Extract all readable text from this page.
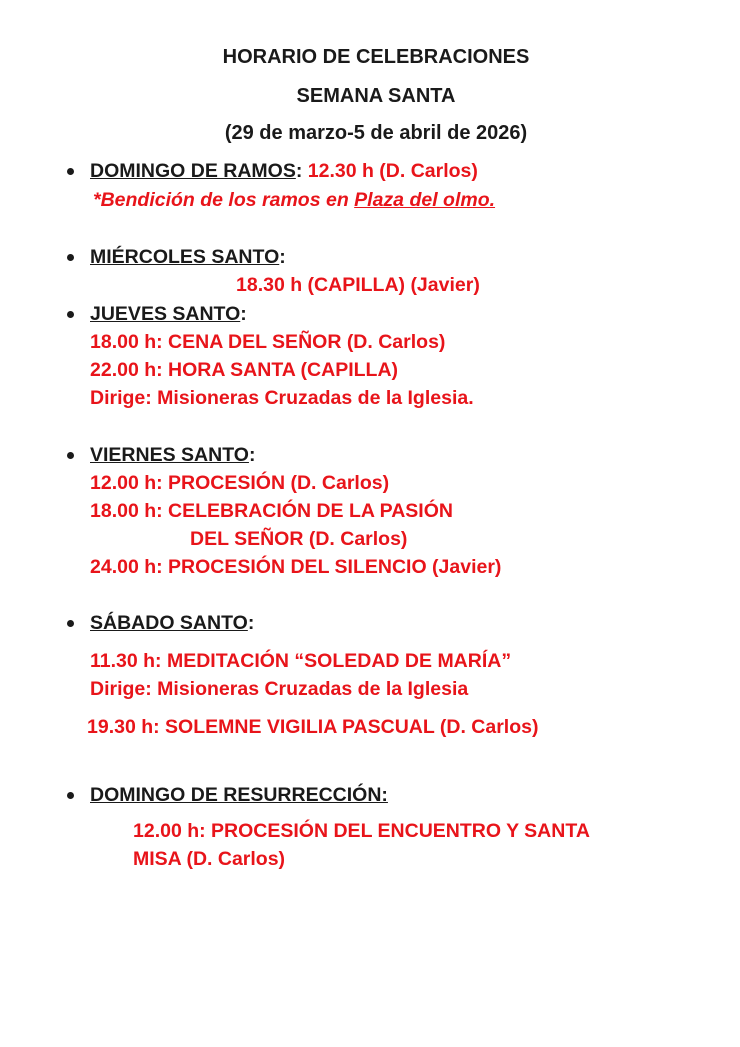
HORARIO DE CELEBRACIONES

SEMANA SANTA

(29 de marzo-5 de abril de 2026)

DOMINGO DE RAMOS: 12.30 h (D. Carlos)

*Bendición de los ramos en Plaza del olmo.

MIÉRCOLES SANTO:

18.30 h (CAPILLA) (Javier)

JUEVES SANTO:

18.00 h: CENA DEL SEÑOR (D. Carlos)

22.00 h: HORA SANTA (CAPILLA)

Dirige: Misioneras Cruzadas de la Iglesia.

VIERNES SANTO:

12.00 h: PROCESIÓN (D. Carlos)

18.00 h: CELEBRACIÓN DE LA PASIÓN

DEL SEÑOR (D. Carlos)

24.00 h: PROCESIÓN DEL SILENCIO (Javier)

SÁBADO SANTO:

11.30 h: MEDITACIÓN “SOLEDAD DE MARÍA”

Dirige: Misioneras Cruzadas de la Iglesia

19.30 h: SOLEMNE VIGILIA PASCUAL (D. Carlos)

DOMINGO DE RESURRECCIÓN:

12.00 h: PROCESIÓN DEL ENCUENTRO Y SANTA

MISA (D. Carlos)
